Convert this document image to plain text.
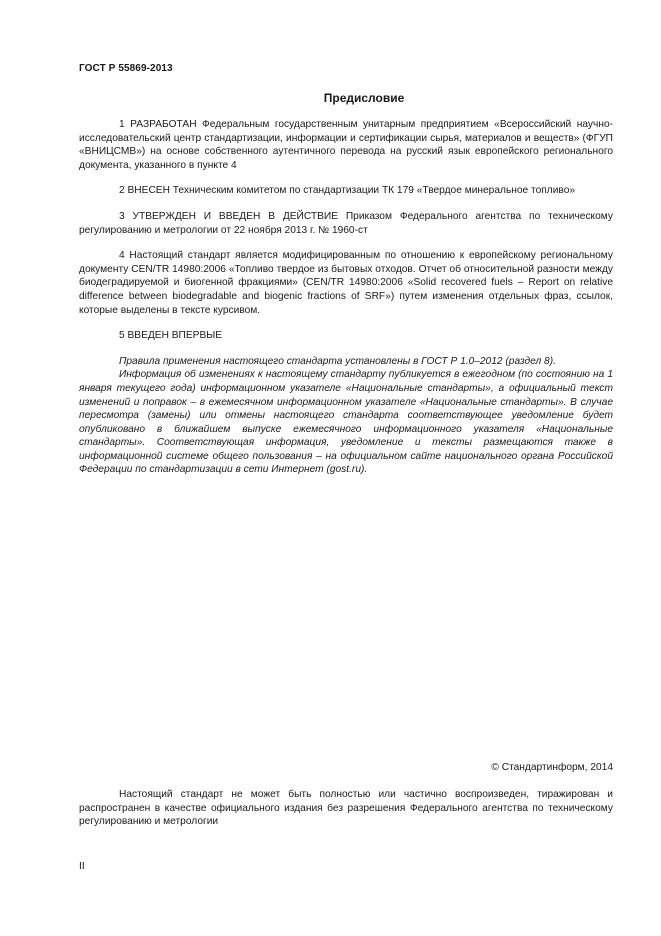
ГОСТ Р 55869-2013
Предисловие

1 РАЗРАБОТАН Федеральным государственным унитарным предприятием «Всероссийский научно-исследовательский центр стандартизации, информации и сертификации сырья, материалов и веществ» (ФГУП «ВНИЦСМВ») на основе собственного аутентичного перевода на русский язык европейского регионального документа, указанного в пункте 4

2 ВНЕСЕН Техническим комитетом по стандартизации ТК 179 «Твердое минеральное топливо»

3 УТВЕРЖДЕН И ВВЕДЕН В ДЕЙСТВИЕ Приказом Федерального агентства по техническому регулированию и метрологии от 22 ноября 2013 г. № 1960-ст

4 Настоящий стандарт является модифицированным по отношению к европейскому региональному документу CEN/TR 14980:2006 «Топливо твердое из бытовых отходов. Отчет об относительной разности между биодеградируемой и биогенной фракциями» (CEN/TR 14980:2006 «Solid recovered fuels – Report on relative difference between biodegradable and biogenic fractions of SRF») путем изменения отдельных фраз, ссылок, которые выделены в тексте курсивом.

5 ВВЕДЕН ВПЕРВЫЕ

Правила применения настоящего стандарта установлены в ГОСТ Р 1.0–2012 (раздел 8).

Информация об изменениях к настоящему стандарту публикуется в ежегодном (по состоянию на 1 января текущего года) информационном указателе «Национальные стандарты», а официальный текст изменений и поправок – в ежемесячном информационном указателе «Национальные стандарты». В случае пересмотра (замены) или отмены настоящего стандарта соответствующее уведомление будет опубликовано в ближайшем выпуске ежемесячного информационного указателя «Национальные стандарты». Соответствующая информация, уведомление и тексты размещаются также в информационной системе общего пользования – на официальном сайте национального органа Российской Федерации по стандартизации в сети Интернет (gost.ru).

© Стандартинформ, 2014

Настоящий стандарт не может быть полностью или частично воспроизведен, тиражирован и распространен в качестве официального издания без разрешения Федерального агентства по техническому регулированию и метрологии

II
